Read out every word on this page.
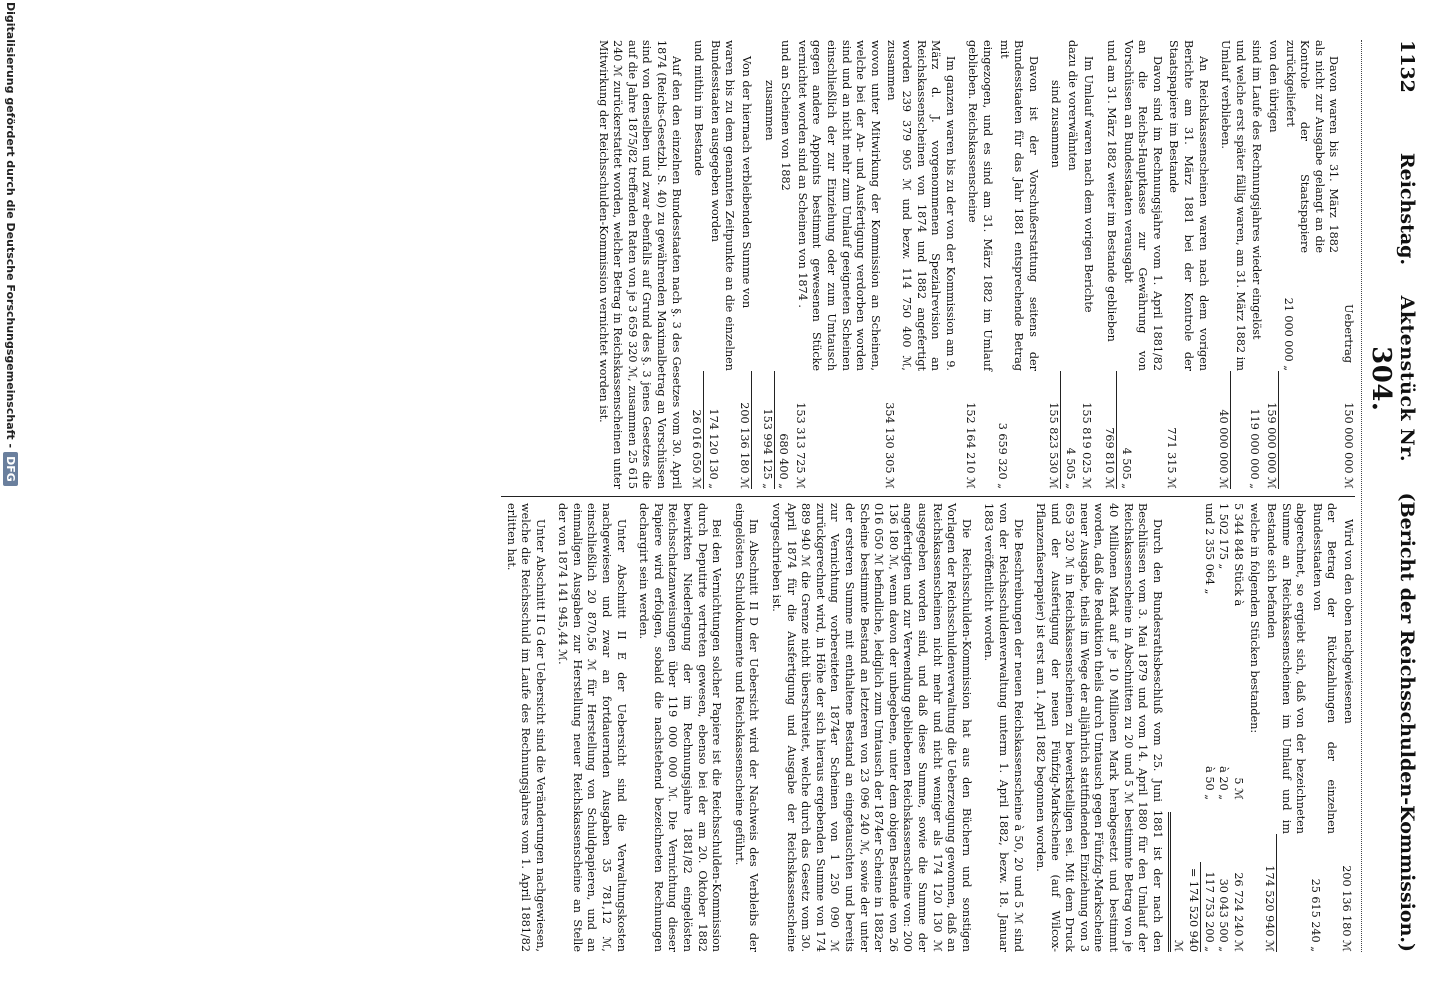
1132
Reichstag.
Aktenstück Nr. 304.
(Bericht der Reichsschulden-Kommission.)
Uebertrag
150 000 000 ℳ

Davon waren bis 31. März 1882 als nicht zur Ausgabe gelangt an die Kontrole der Staatspapiere zurückgeliefert

21 000 000 „

von den übrigen

159 000 000 ℳ

sind im Laufe des Rechnungsjahres wieder eingelöst

119 000 000 „

und welche erst später fällig waren, am 31. März 1882 im Umlauf verblieben.

40 000 000 ℳ

An Reichskassenscheinen waren nach dem vorigen Berichte am 31. März 1881 bei der Kontrole der Staatspapiere im Bestande

771 315 ℳ

Davon sind im Rechnungsjahre vom 1. April 1881/82 an die Reichs-Hauptkasse zur Gewährung von Vorschüssen an Bundesstaaten verausgabt

4 505 „

und am 31. März 1882 weiter im Bestande geblieben

769 810 ℳ

Im Umlauf waren nach dem vorigen Berichte

155 819 025 ℳ

dazu die vorerwähnten

4 505 „

sind zusammen

155 823 530 ℳ

Davon ist der Vorschußerstattung seitens der Bundesstaaten für das Jahr 1881 entsprechende Betrag mit

3 659 320 „

eingezogen, und es sind am 31. März 1882 im Umlauf geblieben. Reichskassenscheine

152 164 210 ℳ

Im ganzen waren bis zu der von der Kommission am 9. März d. J. vorgenommenen Spezialrevision an Reichskassenscheinen von 1874 und 1882 angefertigt worden 239 379 905 ℳ und bezw. 114 750 400 ℳ, zusammen

354 130 305 ℳ

wovon unter Mitwirkung der Kommission an Scheinen, welche bei der An- und Ausfertigung verdorben worden sind und an nicht mehr zum Umlauf geeigneten Scheinen einschließlich der zur Einziehung oder zum Umtausch gegen andere Appoints bestimmt gewesenen Stücke vernichtet worden sind an Scheinen von 1874 .

153 313 725 ℳ

und an Scheinen von 1882

680 400 „

zusammen

153 994 125 „

Von der hiernach verbleibenden Summe von

200 136 180 ℳ

waren bis zu dem genannten Zeitpunkte an die einzelnen Bundesstaaten ausgegeben worden

174 120 130 „

und mithin im Bestande

26 016 050 ℳ

Auf den den einzelnen Bundesstaaten nach §. 3 des Gesetzes vom 30. April 1874 (Reichs-Gesetzbl. S. 40) zu gewährenden Maximalbetrag an Vorschüssen sind von denselben und zwar ebenfalls auf Grund des §. 3 jenes Gesetzes die auf die Jahre 1875/82 treffenden Raten von je 3 659 320 ℳ, zusammen 25 615 240 ℳ zurückerstattet worden, welcher Betrag in Reichskassenscheinen unter Mitwirkung der Reichsschulden-Kommission vernichtet worden ist.

Wird von den oben nachgewiesenen

200 136 180 ℳ

der Betrag der Rückzahlungen der einzelnen Bundesstaaten von

25 615 240 „

abgerechnet, so ergiebt sich, daß von der bezeichneten Summe an Reichskassenscheinen im Umlauf und im Bestande sich befanden

174 520 940 ℳ

welche in folgenden Stücken bestanden:

5 344 848 Stück à
5 ℳ
26 724 240 ℳ
1 502 175 „
à 20 „
30 043 500 „
und 2 355 064 „
à 50 „
117 753 200 „
= 174 520 940 ℳ

Durch den Bundesrathsbeschluß vom 25. Juni 1881 ist der nach den Beschlüssen vom 3. Mai 1879 und vom 14. April 1880 für den Umlauf der Reichskassenscheine in Abschnitten zu 20 und 5 ℳ bestimmte Betrag von je 40 Millionen Mark auf je 10 Millionen Mark herabgesetzt und bestimmt worden, daß die Reduktion theils durch Umtausch gegen Fünfzig-Markscheine neuer Ausgabe, theils im Wege der alljährlich stattfindenden Einziehung von 3 659 320 ℳ in Reichskassenscheinen zu bewerkstelligen sei. Mit dem Druck und der Ausfertigung der neuen Fünfzig-Markscheine (auf Wilcox-Pflanzenfaserpapier) ist erst am 1. April 1882 begonnen worden.

Die Beschreibungen der neuen Reichskassenscheine à 50, 20 und 5 ℳ sind von der Reichsschuldenverwaltung unterm 1. April 1882, bezw. 18. Januar 1883 veröffentlicht worden.

Die Reichsschulden-Kommission hat aus den Büchern und sonstigen Vorlagen der Reichsschuldenverwaltung die Ueberzeugung gewonnen, daß an Reichskassenscheinen nicht mehr und nicht weniger als 174 120 130 ℳ ausgegeben worden sind, und daß diese Summe, sowie die Summe der angefertigten und zur Verwendung gebliebenen Reichskassenscheine von: 200 136 180 ℳ, wenn davon der unbegebene, unter dem obigen Bestande von 26 016 050 ℳ befindliche, lediglich zum Umtausch der 1874er Scheine in 1882er Scheine bestimmte Bestand an letzteren von 23 096 240 ℳ, sowie der unter der ersteren Summe mit enthaltene Bestand an eingetauschten und bereits zur Vernichtung vorbereiteten 1874er Scheinen von 1 250 090 ℳ zurückgerechnet wird, in Höhe der sich hieraus ergebenden Summe von 174 889 940 ℳ die Grenze nicht überschreitet, welche durch das Gesetz vom 30. April 1874 für die Ausfertigung und Ausgabe der Reichskassenscheine vorgeschrieben ist.

Im Abschnitt II D der Uebersicht wird der Nachweis des Verbleibs der eingelösten Schuldokumente und Reichskassenscheine geführt.

Bei den Vernichtungen solcher Papiere ist die Reichsschulden-Kommission durch Deputirte vertreten gewesen, ebenso bei der am 20. Oktober 1882 bewirkten Niederlegung der im Rechnungsjahre 1881/82 eingelösten Reichsschatzanweisungen über 119 000 000 ℳ. Die Vernichtung dieser Papiere wird erfolgen, sobald die nachstehend bezeichneten Rechnungen dechargirt sein werden.

Unter Abschnitt II E der Uebersicht sind die Verwaltungskosten nachgewiesen und zwar an fortdauernden Ausgaben 35 781,12 ℳ, einschließlich 20 870,56 ℳ für Herstellung von Schuldpapieren, und an einmaligen Ausgaben zur Herstellung neuer Reichskassenscheine an Stelle der von 1874 141 945,44 ℳ.

Unter Abschnitt II G der Uebersicht sind die Veränderungen nachgewiesen, welche die Reichsschuld im Laufe des Rechnungsjahres vom 1. April 1881/82 erlitten hat.

Digitalisierung gefördert durch die Deutsche Forschungsgemeinschaft -DFG
